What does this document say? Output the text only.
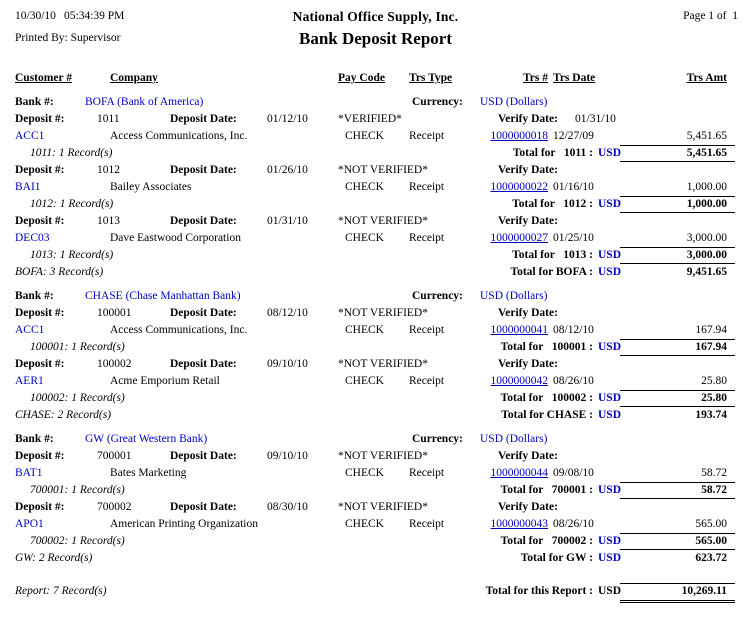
10/30/10 05:34:39 PM	National Office Supply, Inc.	Page 1 of  1
Printed By: Supervisor	Bank Deposit Report
Customer #	Company	Pay Code Trs Type	Trs # Trs Date	Trs Amt
Bank #:	BOFA (Bank of America)	Currency: USD (Dollars)
Deposit #:	1011	Deposit Date:	01/12/10	*VERIFIED*	Verify Date: 01/31/10
ACC1	Access Communications, Inc.	CHECK Receipt	1000000018 12/27/09	5,451.65
1011: 1 Record(s)	Total for   1011 : USD	5,451.65
Deposit #:	1012	Deposit Date:	01/26/10	*NOT VERIFIED*	Verify Date:
BAI1	Bailey Associates	CHECK Receipt	1000000022 01/16/10	1,000.00
1012: 1 Record(s)	Total for   1012 : USD	1,000.00
Deposit #:	1013	Deposit Date:	01/31/10	*NOT VERIFIED*	Verify Date:
DEC03	Dave Eastwood Corporation	CHECK Receipt	1000000027 01/25/10	3,000.00
1013: 1 Record(s)	Total for   1013 : USD	3,000.00
BOFA: 3 Record(s)	Total for BOFA : USD	9,451.65
Bank #:	CHASE (Chase Manhattan Bank)	Currency: USD (Dollars)
Deposit #:	100001	Deposit Date:	08/12/10	*NOT VERIFIED*	Verify Date:
ACC1	Access Communications, Inc.	CHECK Receipt	1000000041 08/12/10	167.94
100001: 1 Record(s)	Total for   100001 : USD	167.94
Deposit #:	100002	Deposit Date:	09/10/10	*NOT VERIFIED*	Verify Date:
AER1	Acme Emporium Retail	CHECK Receipt	1000000042 08/26/10	25.80
100002: 1 Record(s)	Total for   100002 : USD	25.80
CHASE: 2 Record(s)	Total for CHASE : USD	193.74
Bank #:	GW (Great Western Bank)	Currency: USD (Dollars)
Deposit #:	700001	Deposit Date:	09/10/10	*NOT VERIFIED*	Verify Date:
BAT1	Bates Marketing	CHECK Receipt	1000000044 09/08/10	58.72
700001: 1 Record(s)	Total for   700001 : USD	58.72
Deposit #:	700002	Deposit Date:	08/30/10	*NOT VERIFIED*	Verify Date:
APO1	American Printing Organization	CHECK Receipt	1000000043 08/26/10	565.00
700002: 1 Record(s)	Total for   700002 : USD	565.00
GW: 2 Record(s)	Total for GW : USD	623.72
Report: 7 Record(s)	Total for this Report : USD	10,269.11
